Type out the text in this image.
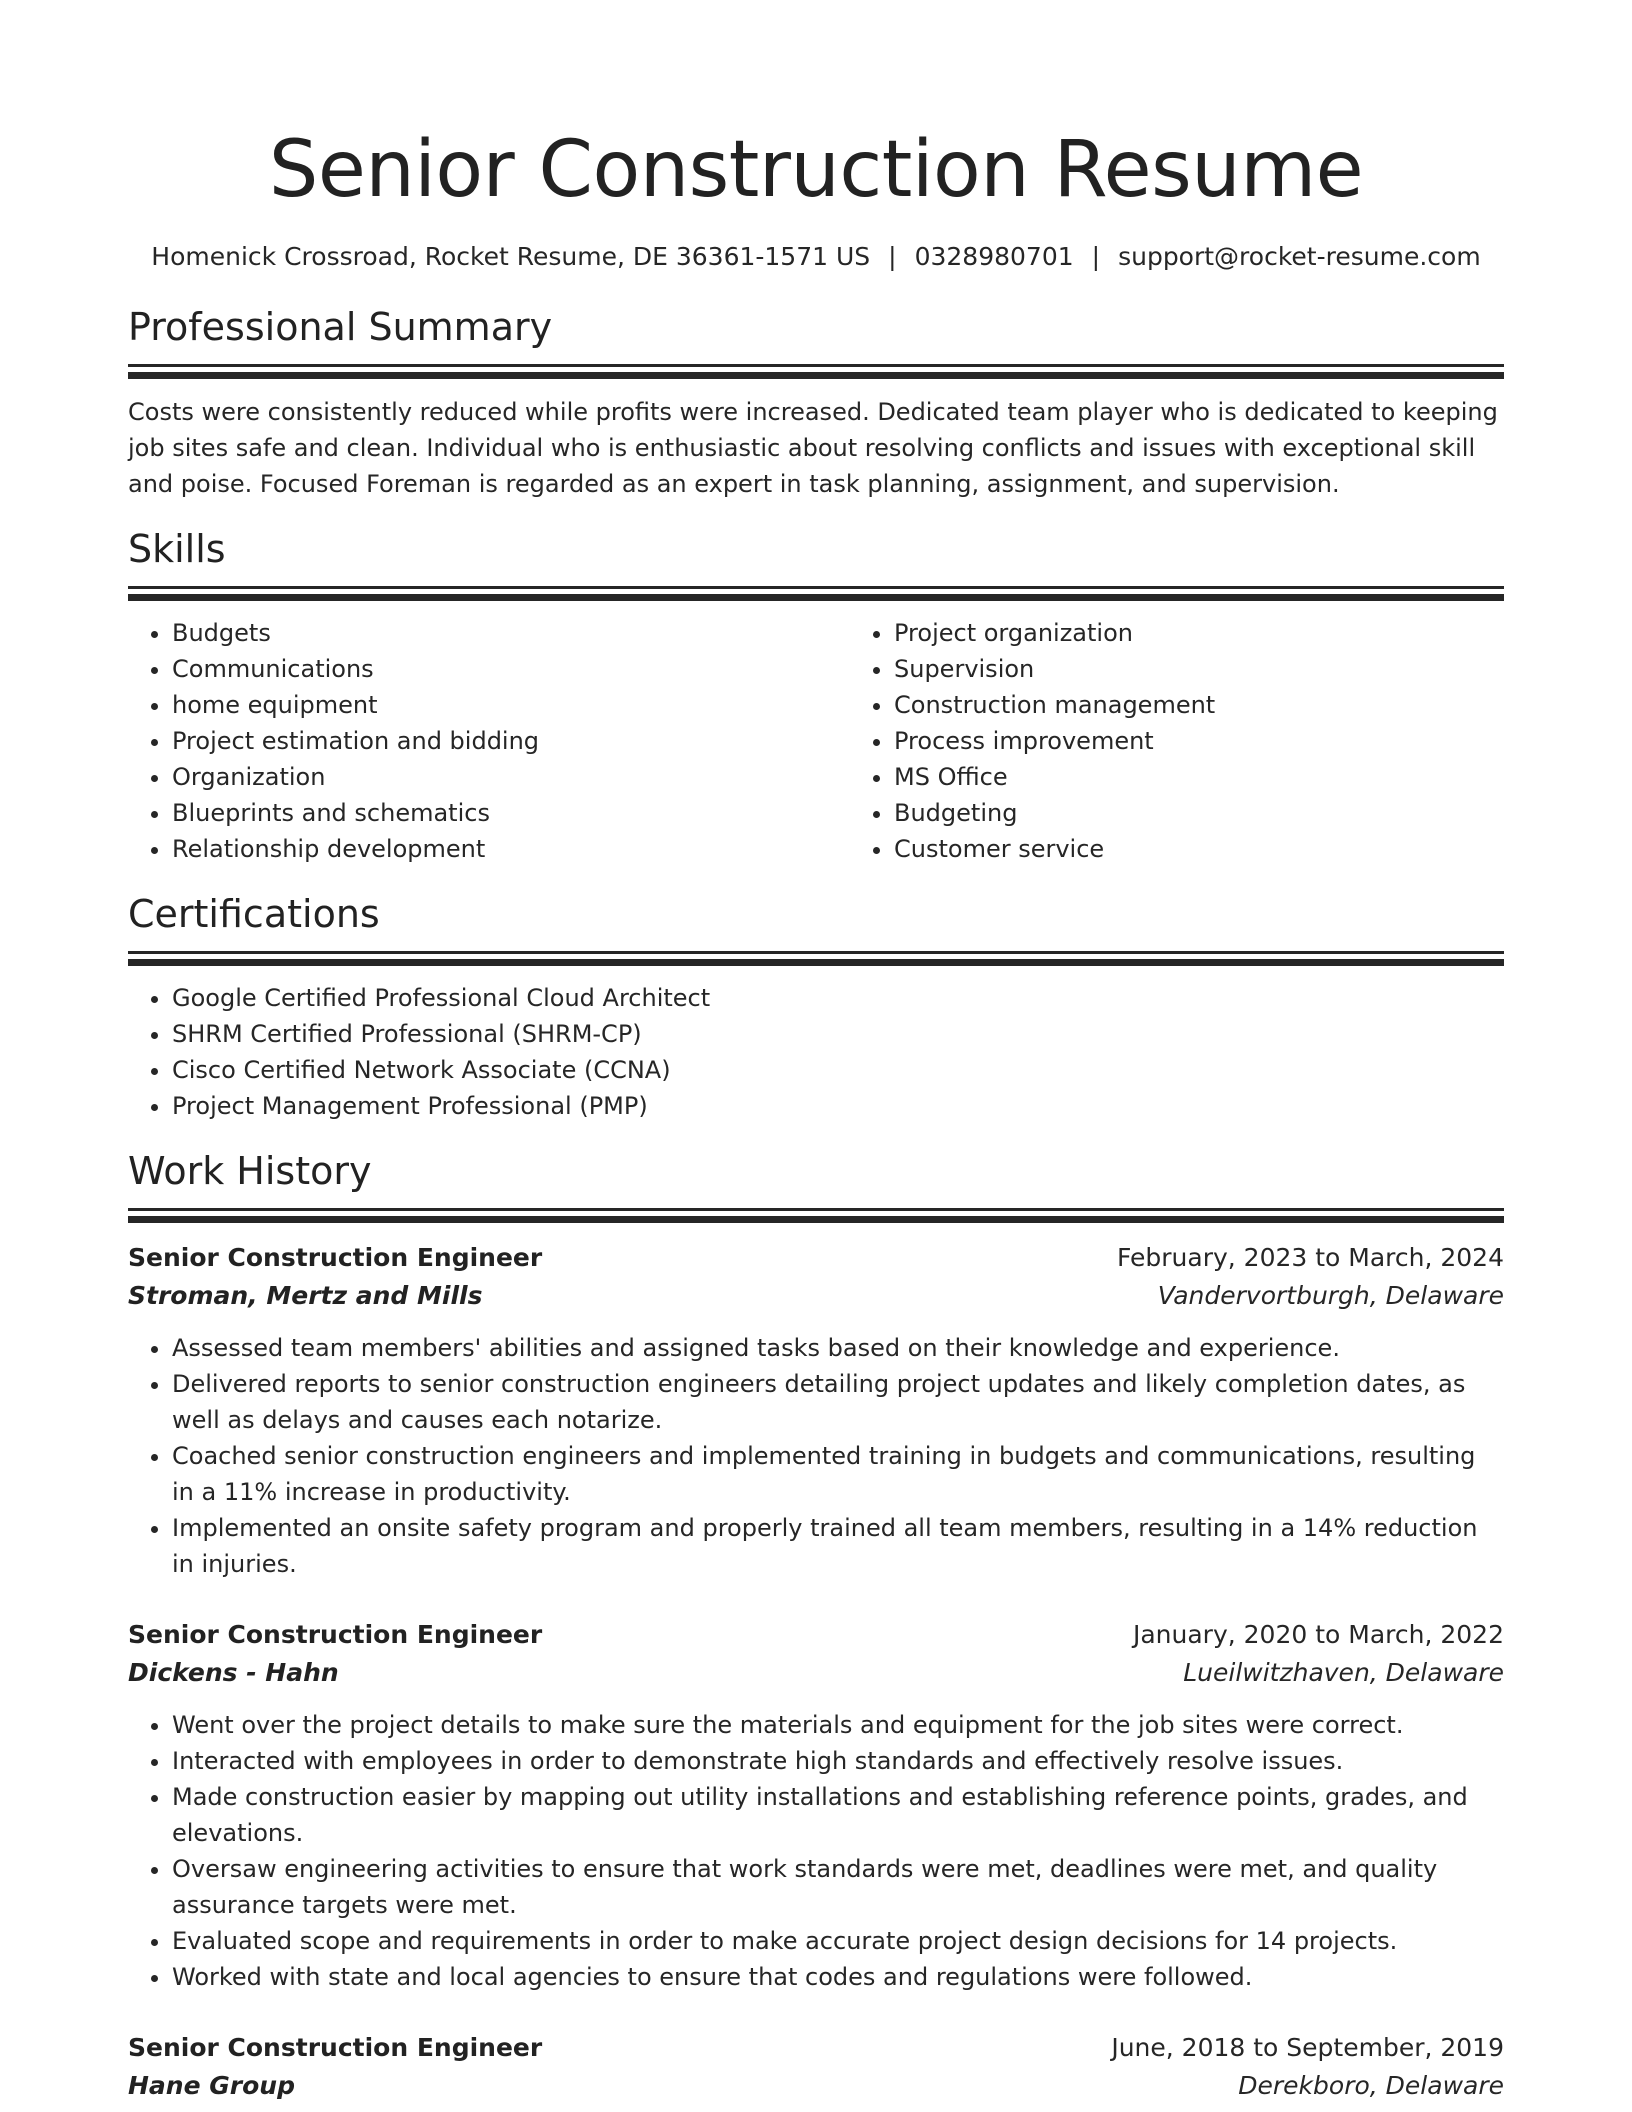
Senior Construction Resume
Homenick Crossroad, Rocket Resume, DE 36361-1571 US | 0328980701 | support@rocket-resume.com
Professional Summary

Costs were consistently reduced while profits were increased. Dedicated team player who is dedicated to keeping job sites safe and clean. Individual who is enthusiastic about resolving conflicts and issues with exceptional skill and poise. Focused Foreman is regarded as an expert in task planning, assignment, and supervision.

Skills
• Budgets
• Communications
• home equipment
• Project estimation and bidding
• Organization
• Blueprints and schematics
• Relationship development
• Project organization
• Supervision
• Construction management
• Process improvement
• MS Office
• Budgeting
• Customer service
Certifications
• Google Certified Professional Cloud Architect
• SHRM Certified Professional (SHRM-CP)
• Cisco Certified Network Associate (CCNA)
• Project Management Professional (PMP)
Work History
Senior Construction Engineer	February, 2023 to March, 2024
Stroman, Mertz and Mills	Vandervortburgh, Delaware
• Assessed team members' abilities and assigned tasks based on their knowledge and experience.
• Delivered reports to senior construction engineers detailing project updates and likely completion dates, as well as delays and causes each notarize.
• Coached senior construction engineers and implemented training in budgets and communications, resulting in a 11% increase in productivity.
• Implemented an onsite safety program and properly trained all team members, resulting in a 14% reduction in injuries.
Senior Construction Engineer	January, 2020 to March, 2022
Dickens - Hahn	Lueilwitzhaven, Delaware
• Went over the project details to make sure the materials and equipment for the job sites were correct.
• Interacted with employees in order to demonstrate high standards and effectively resolve issues.
• Made construction easier by mapping out utility installations and establishing reference points, grades, and elevations.
• Oversaw engineering activities to ensure that work standards were met, deadlines were met, and quality assurance targets were met.
• Evaluated scope and requirements in order to make accurate project design decisions for 14 projects.
• Worked with state and local agencies to ensure that codes and regulations were followed.
Senior Construction Engineer	June, 2018 to September, 2019
Hane Group	Derekboro, Delaware
